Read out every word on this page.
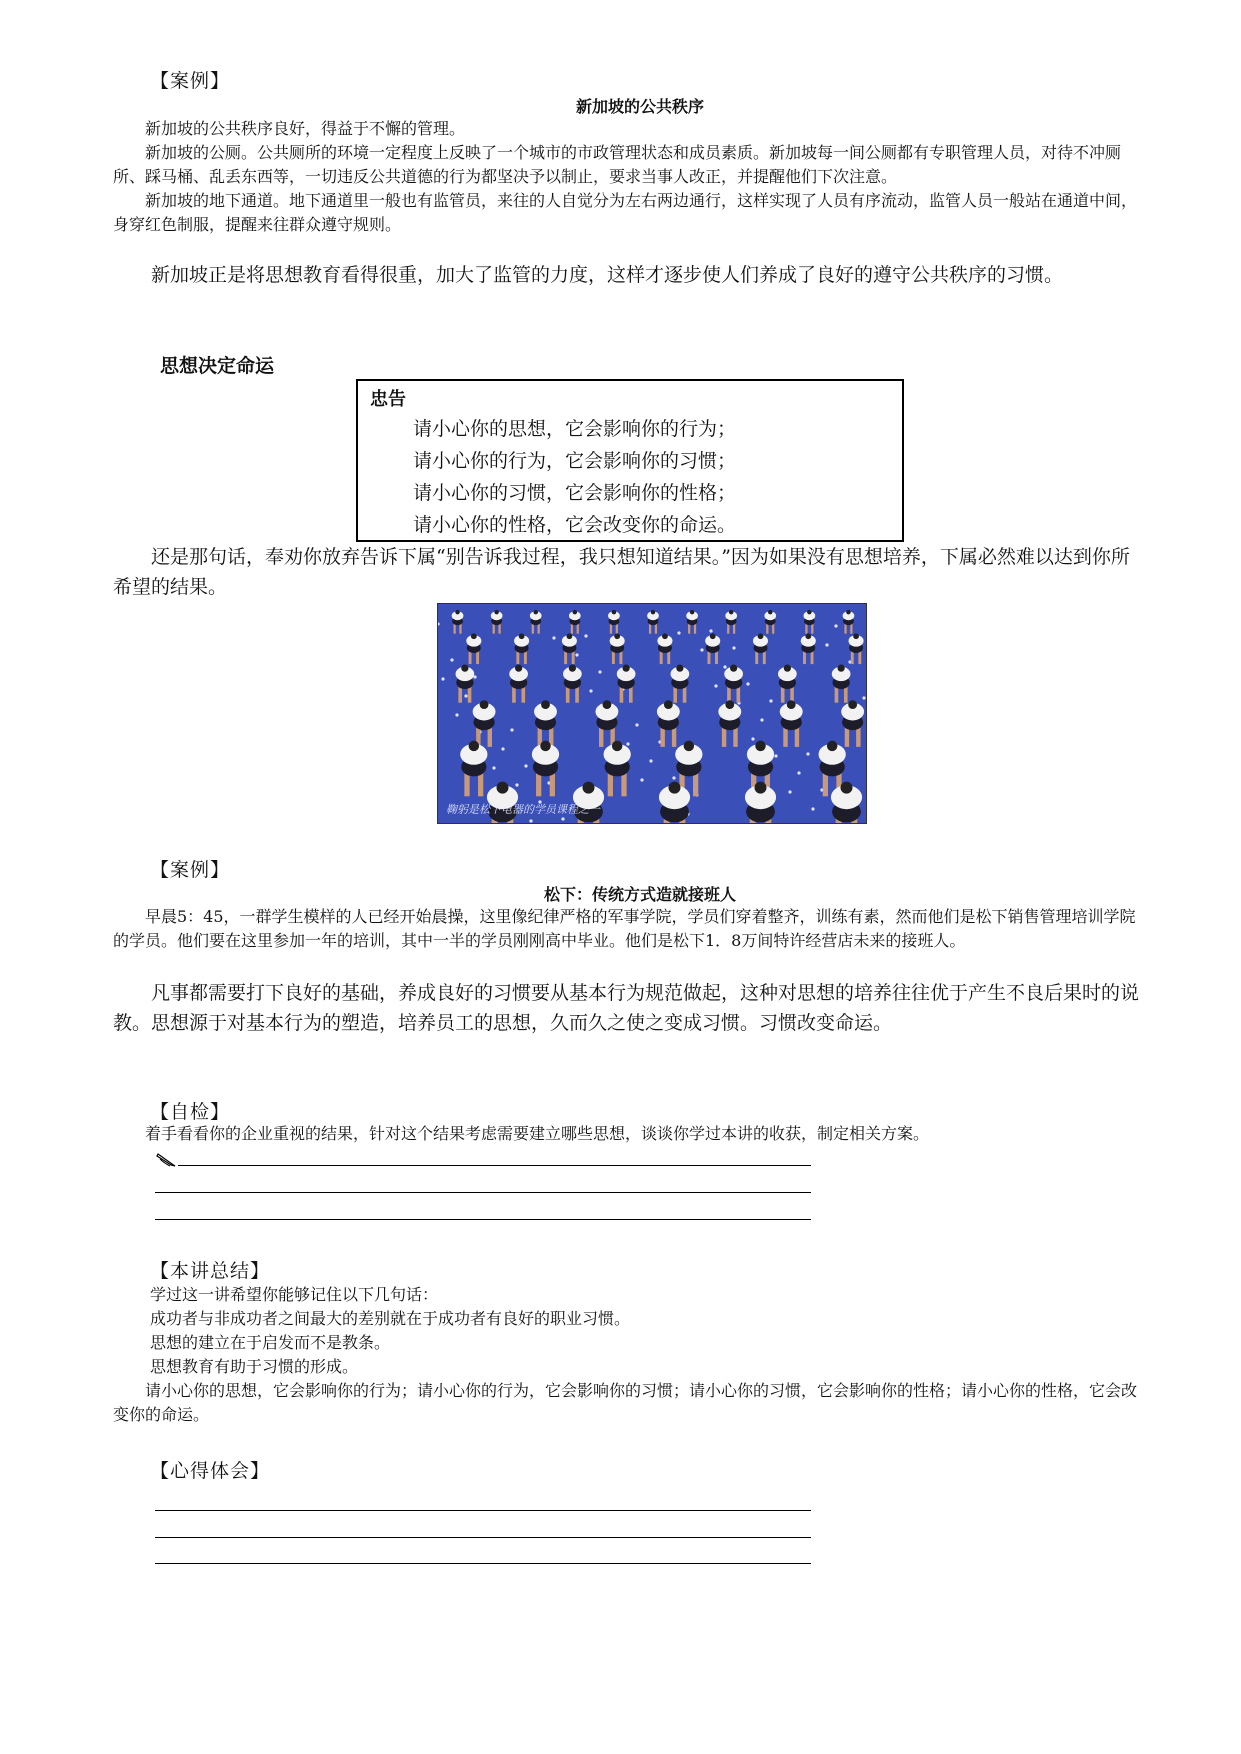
【案例】
新加坡的公共秩序

新加坡的公共秩序良好，得益于不懈的管理。

新加坡的公厕。公共厕所的环境一定程度上反映了一个城市的市政管理状态和成员素质。新加坡每一间公厕都有专职管理人员，对待不冲厕所、踩马桶、乱丢东西等，一切违反公共道德的行为都坚决予以制止，要求当事人改正，并提醒他们下次注意。

新加坡的地下通道。地下通道里一般也有监管员，来往的人自觉分为左右两边通行，这样实现了人员有序流动，监管人员一般站在通道中间，身穿红色制服，提醒来往群众遵守规则。

新加坡正是将思想教育看得很重，加大了监管的力度，这样才逐步使人们养成了良好的遵守公共秩序的习惯。

思想决定命运
忠告
请小心你的思想，它会影响你的行为；
请小心你的行为，它会影响你的习惯；
请小心你的习惯，它会影响你的性格；
请小心你的性格，它会改变你的命运。

还是那句话，奉劝你放弃告诉下属“别告诉我过程，我只想知道结果。”因为如果没有思想培养，下属必然难以达到你所希望的结果。

鞠躬是松下电器的学员课程之一
【案例】
松下：传统方式造就接班人

早晨5：45，一群学生模样的人已经开始晨操，这里像纪律严格的军事学院，学员们穿着整齐，训练有素，然而他们是松下销售管理培训学院的学员。他们要在这里参加一年的培训，其中一半的学员刚刚高中毕业。他们是松下1．8万间特许经营店未来的接班人。

凡事都需要打下良好的基础，养成良好的习惯要从基本行为规范做起，这种对思想的培养往往优于产生不良后果时的说教。思想源于对基本行为的塑造，培养员工的思想，久而久之使之变成习惯。习惯改变命运。

【自检】

着手看看你的企业重视的结果，针对这个结果考虑需要建立哪些思想，谈谈你学过本讲的收获，制定相关方案。

【本讲总结】

学过这一讲希望你能够记住以下几句话：

成功者与非成功者之间最大的差别就在于成功者有良好的职业习惯。

思想的建立在于启发而不是教条。

思想教育有助于习惯的形成。

请小心你的思想，它会影响你的行为；请小心你的行为，它会影响你的习惯；请小心你的习惯，它会影响你的性格；请小心你的性格，它会改变你的命运。

【心得体会】
